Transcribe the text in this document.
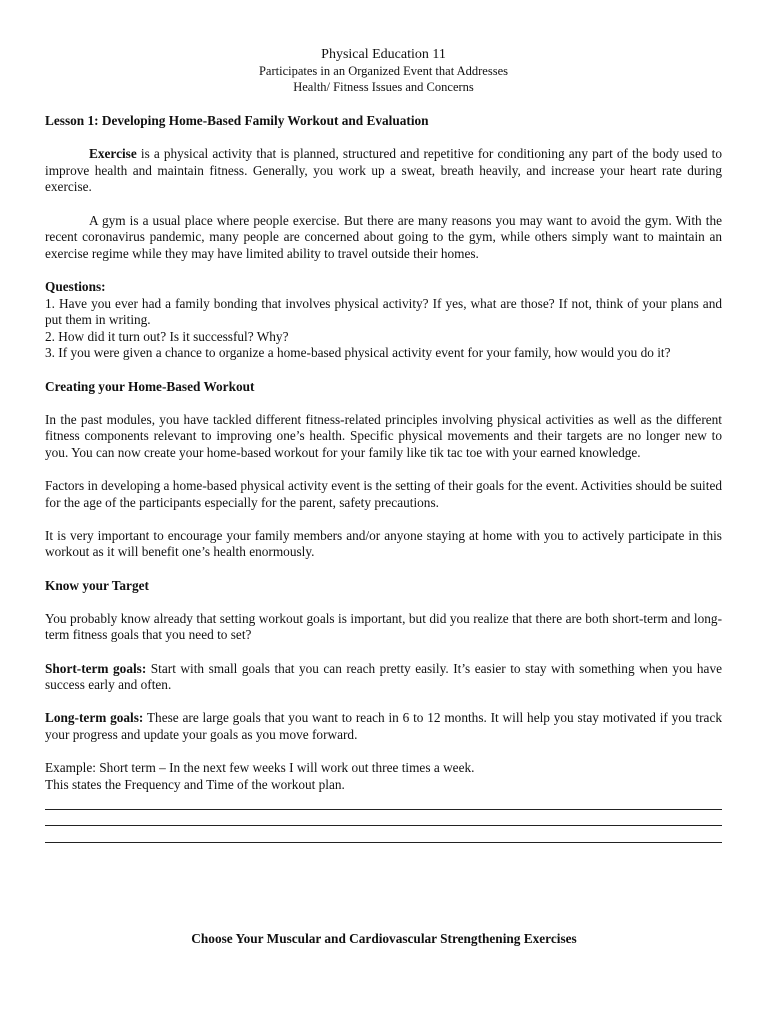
Physical Education 11
Participates in an Organized Event that Addresses
Health/ Fitness Issues and Concerns

Lesson 1: Developing Home-Based Family Workout and Evaluation

Exercise is a physical activity that is planned, structured and repetitive for conditioning any part of the body used to improve health and maintain fitness. Generally, you work up a sweat, breath heavily, and increase your heart rate during exercise.

A gym is a usual place where people exercise. But there are many reasons you may want to avoid the gym. With the recent coronavirus pandemic, many people are concerned about going to the gym, while others simply want to maintain an exercise regime while they may have limited ability to travel outside their homes.

Questions:

1. Have you ever had a family bonding that involves physical activity? If yes, what are those? If not, think of your plans and put them in writing.

2. How did it turn out? Is it successful? Why?

3. If you were given a chance to organize a home-based physical activity event for your family, how would you do it?

Creating your Home-Based Workout

In the past modules, you have tackled different fitness-related principles involving physical activities as well as the different fitness components relevant to improving one’s health. Specific physical movements and their targets are no longer new to you. You can now create your home-based workout for your family like tik tac toe with your earned knowledge.

Factors in developing a home-based physical activity event is the setting of their goals for the event. Activities should be suited for the age of the participants especially for the parent, safety precautions.

It is very important to encourage your family members and/or anyone staying at home with you to actively participate in this workout as it will benefit one’s health enormously.

Know your Target

You probably know already that setting workout goals is important, but did you realize that there are both short-term and long-term fitness goals that you need to set?

Short-term goals: Start with small goals that you can reach pretty easily. It’s easier to stay with something when you have success early and often.

Long-term goals: These are large goals that you want to reach in 6 to 12 months. It will help you stay motivated if you track your progress and update your goals as you move forward.

Example: Short term – In the next few weeks I will work out three times a week.

This states the Frequency and Time of the workout plan.

Choose Your Muscular and Cardiovascular Strengthening Exercises
